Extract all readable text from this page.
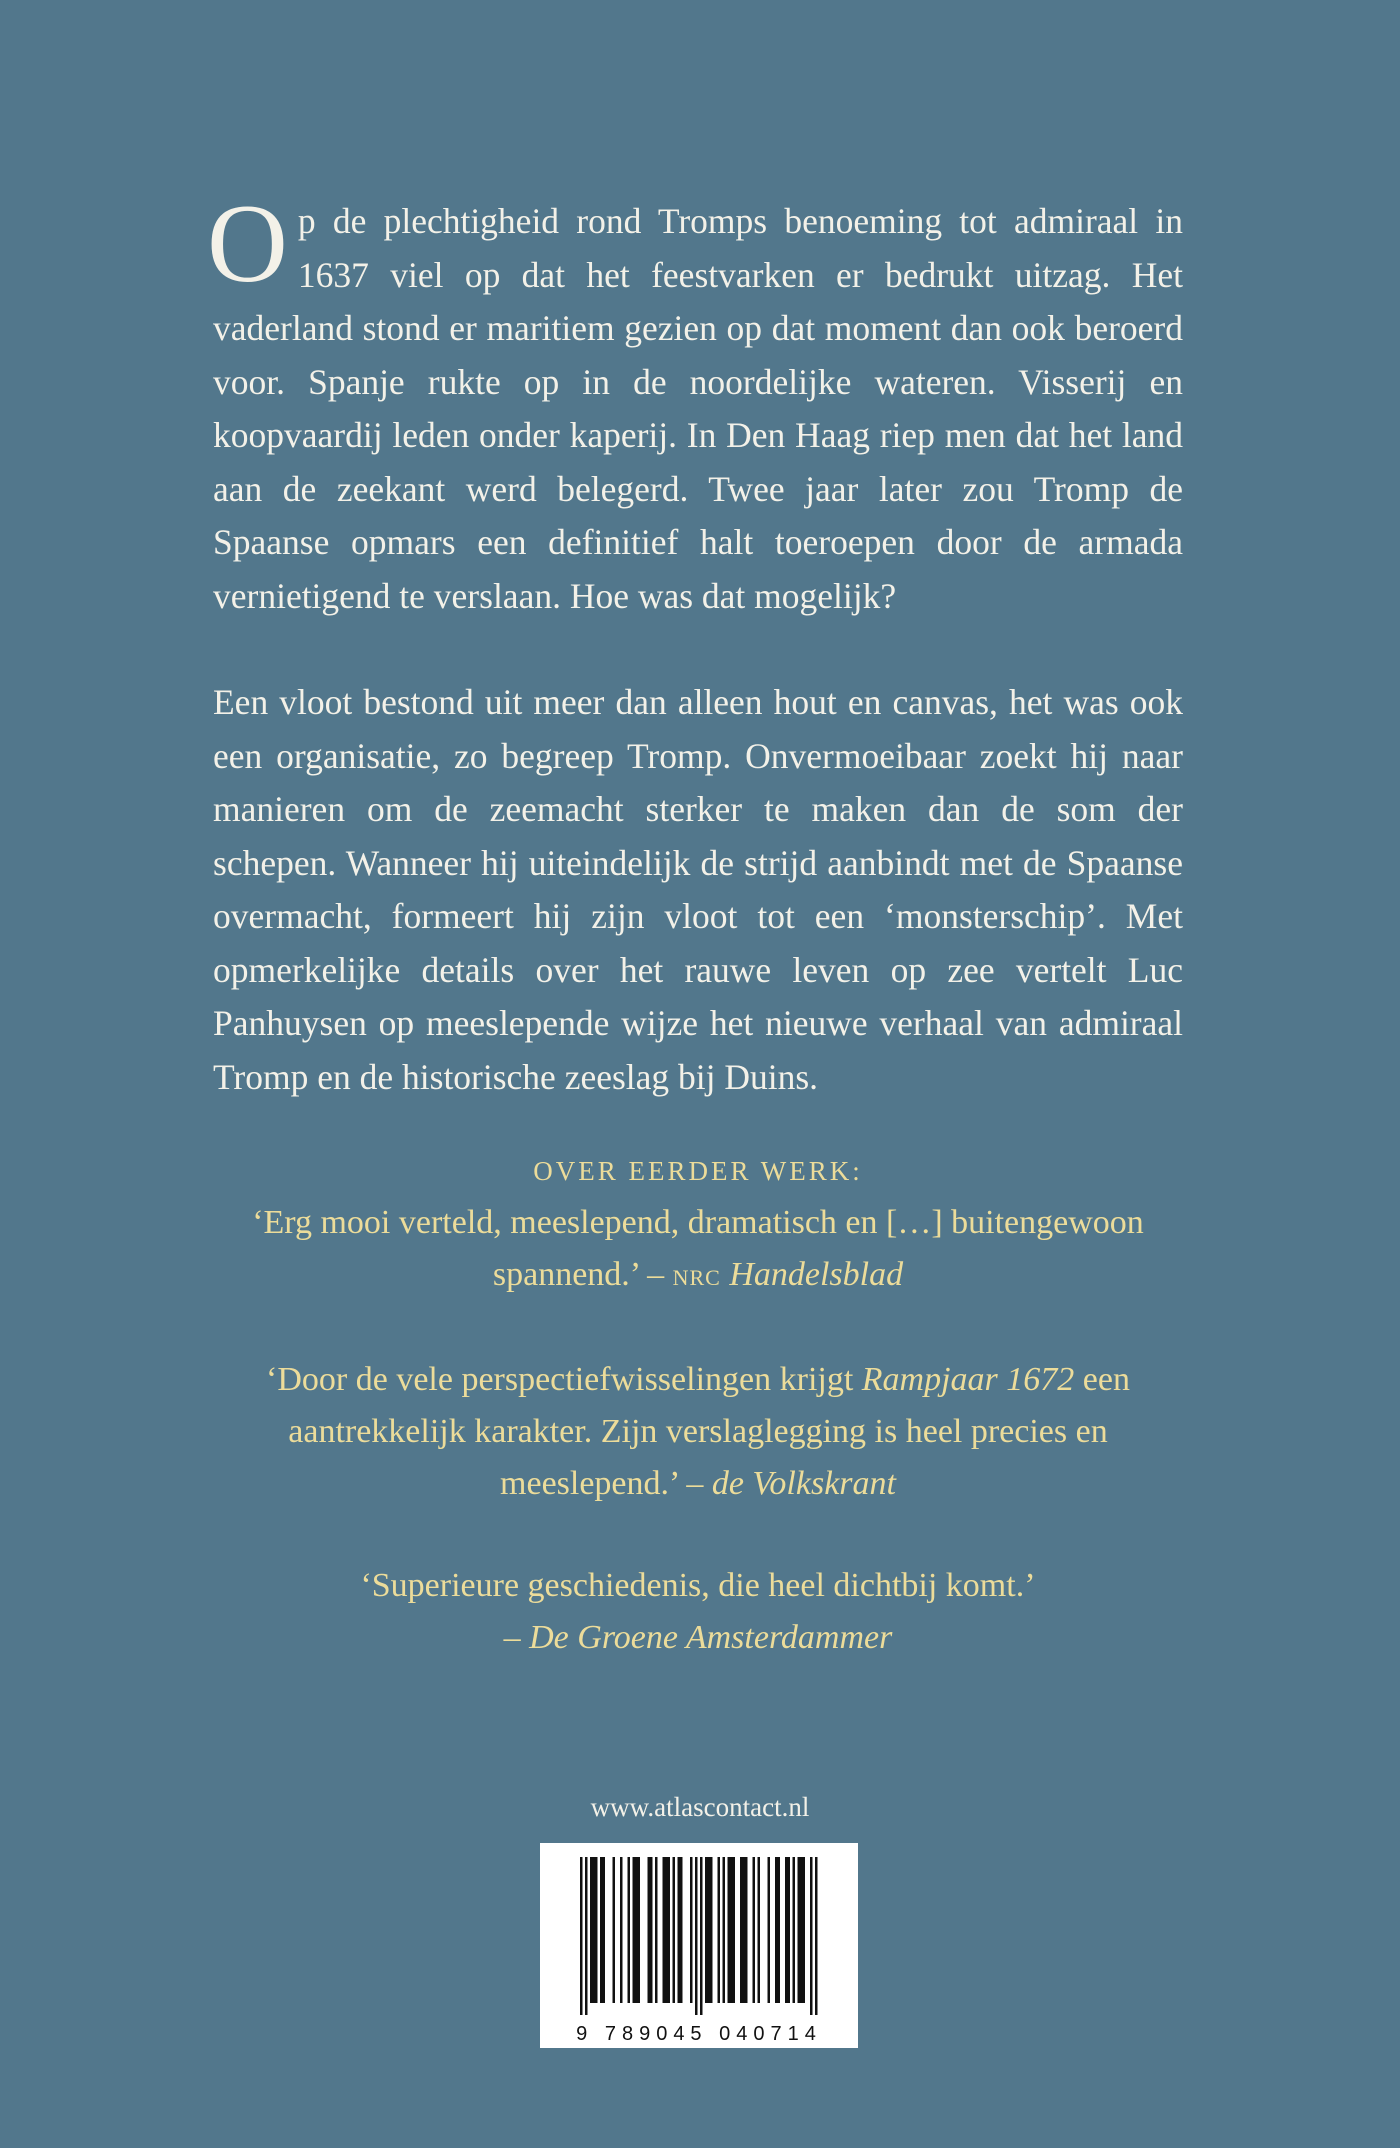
Op de plechtigheid rond Tromps benoeming tot admiraal in 1637 viel op dat het feestvarken er bedrukt uitzag. Het vaderland stond er maritiem gezien op dat moment dan ook beroerd voor. Spanje rukte op in de noordelijke wateren. Visserij en koopvaardij leden onder kaperij. In Den Haag riep men dat het land aan de zeekant werd belegerd. Twee jaar later zou Tromp de Spaanse opmars een definitief halt toeroepen door de armada vernietigend te verslaan. Hoe was dat mogelijk?

Een vloot bestond uit meer dan alleen hout en canvas, het was ook een organisatie, zo begreep Tromp. Onvermoeibaar zoekt hij naar manieren om de zeemacht sterker te maken dan de som der schepen. Wanneer hij uiteindelijk de strijd aanbindt met de Spaanse overmacht, formeert hij zijn vloot tot een ‘monsterschip’. Met opmerkelijke details over het rauwe leven op zee vertelt Luc Panhuysen op meeslepende wijze het nieuwe verhaal van admiraal Tromp en de historische zeeslag bij Duins.

OVER EERDER WERK:

‘Erg mooi verteld, meeslepend, dramatisch en […] buitengewoon spannend.’ – NRC Handelsblad

‘Door de vele perspectiefwisselingen krijgt Rampjaar 1672 een aantrekkelijk karakter. Zijn verslaglegging is heel precies en meeslepend.’ – de Volkskrant

‘Superieure geschiedenis, die heel dichtbij komt.’
– De Groene Amsterdammer

www.atlascontact.nl
9 789045 040714
